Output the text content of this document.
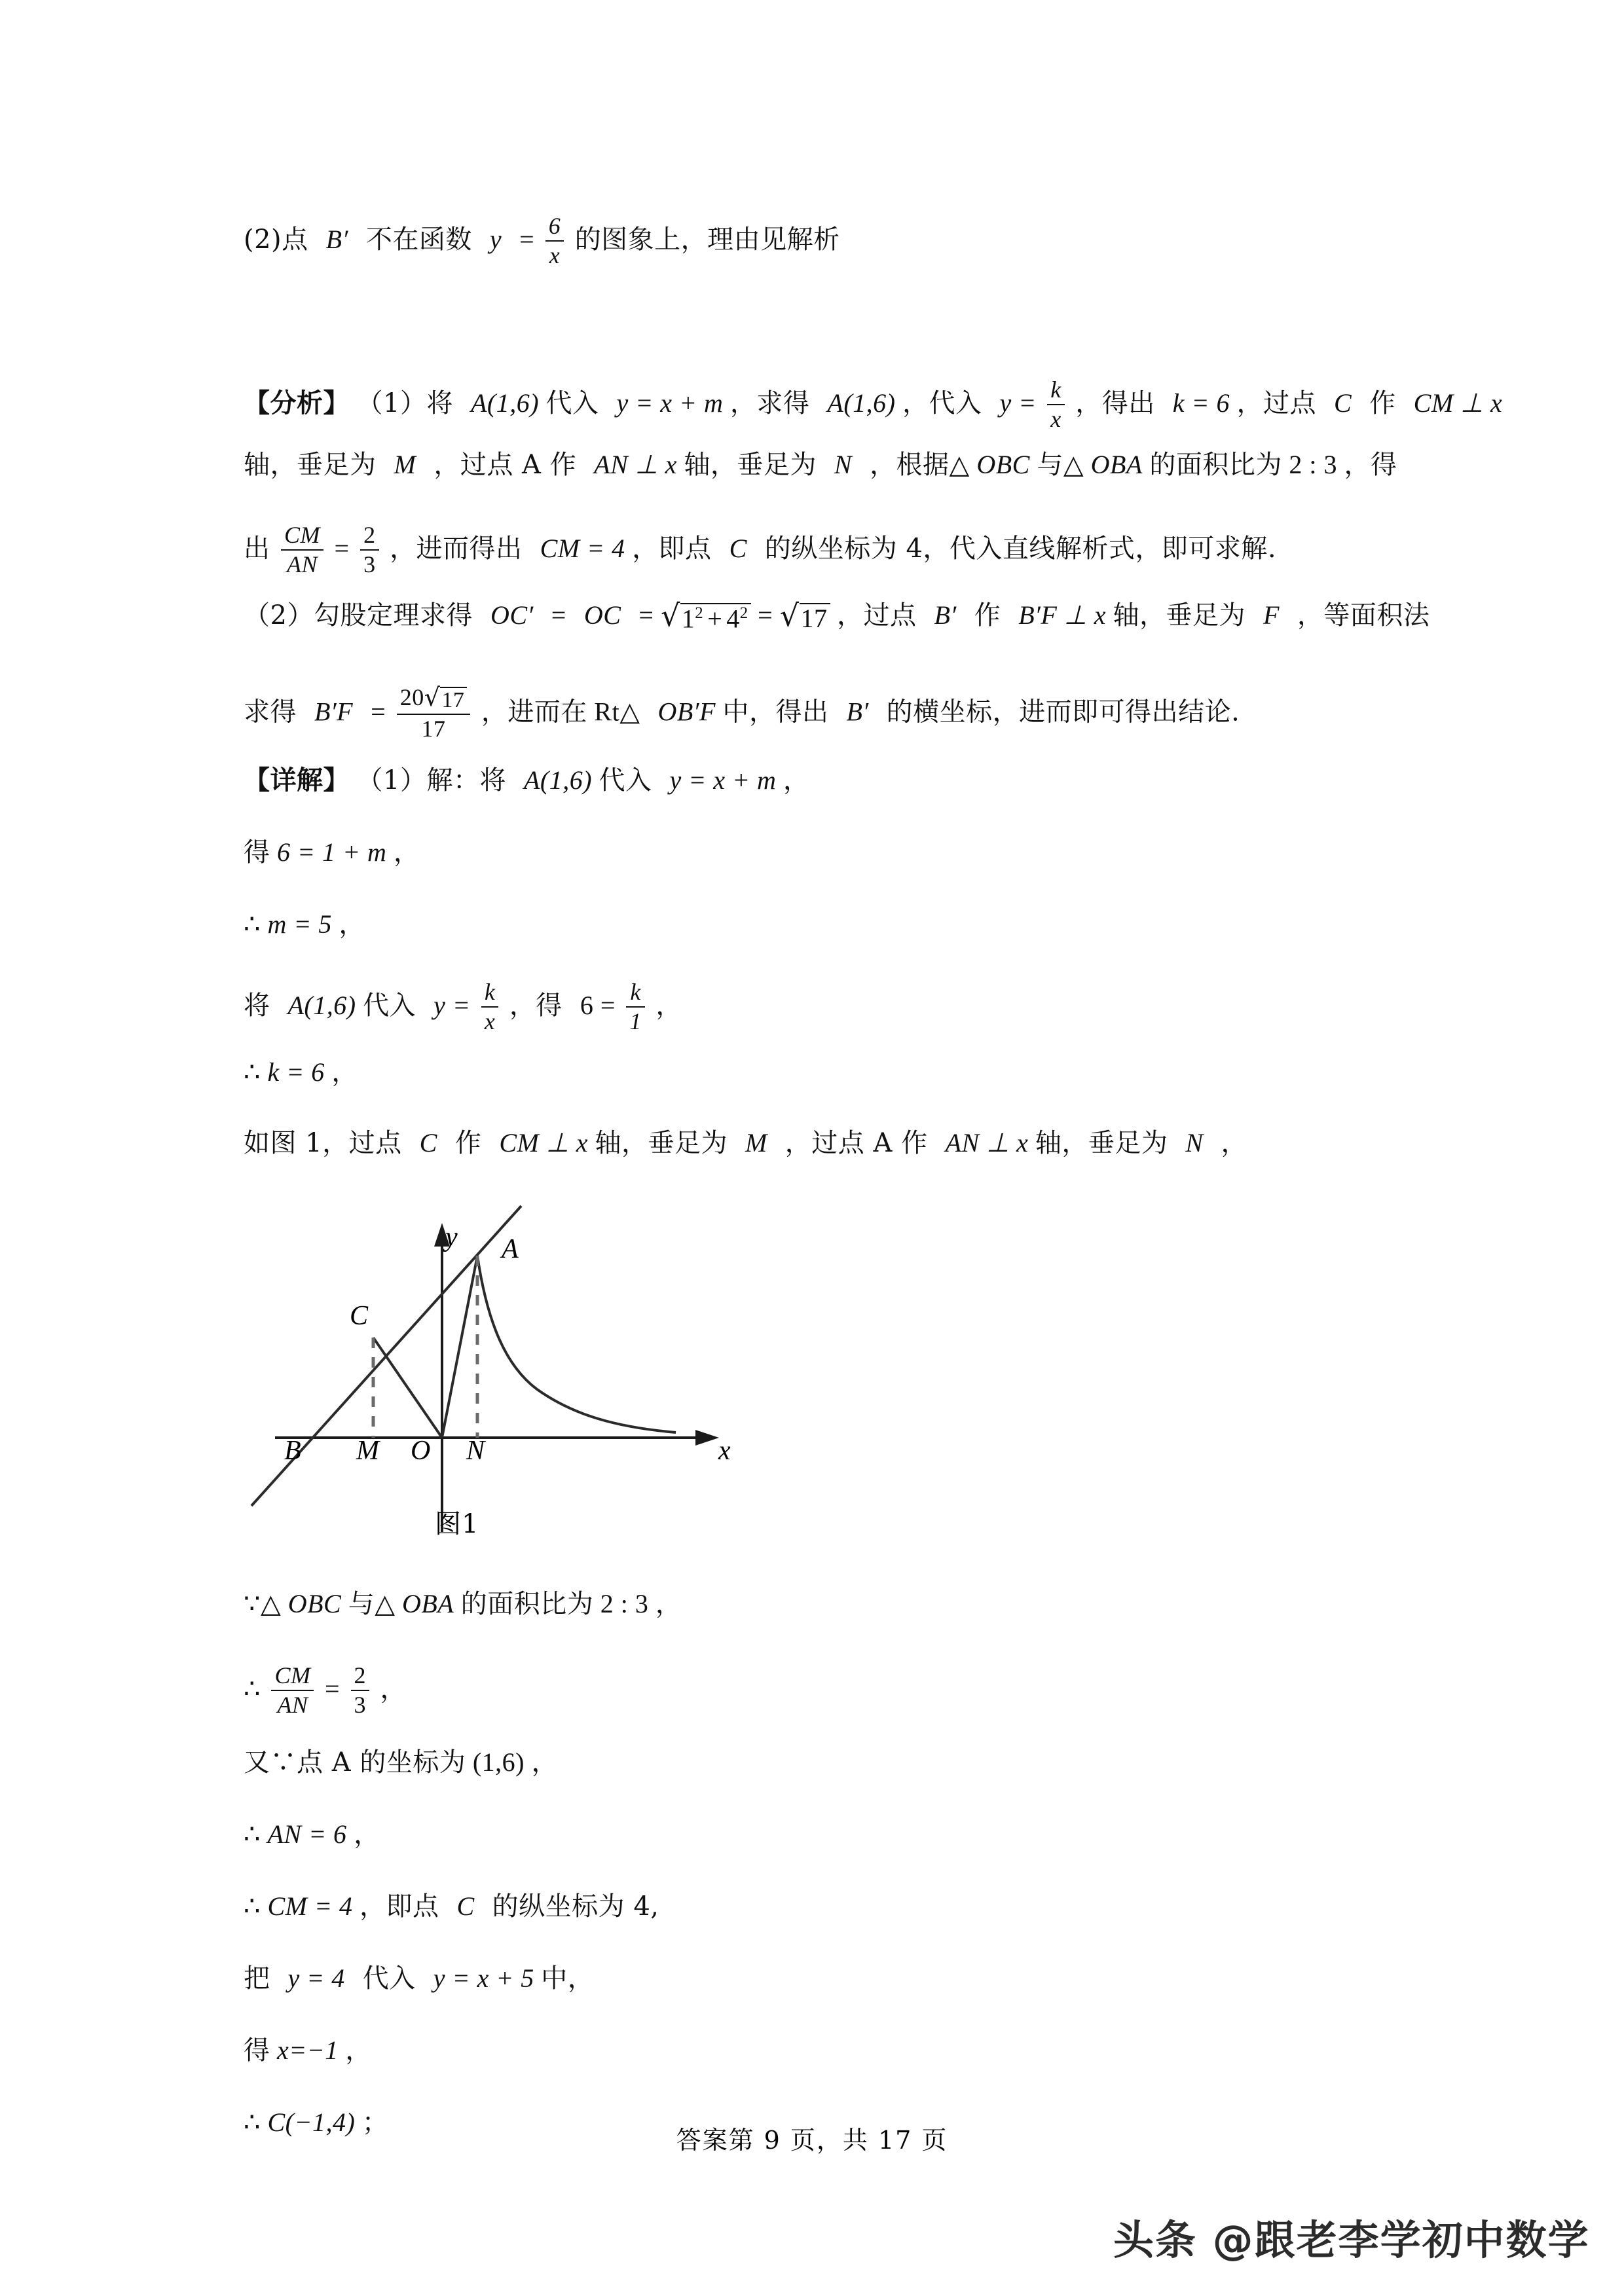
(2)点 B′ 不在函数 $y = \frac{6}{x}$ 的图象上，理由见解析
【分析】 （1）将 A(1,6) 代入 y = x + m ，求得 A(1,6) ，代入 $y = \frac{k}{x}$ ，得出 k = 6 ，过点 C 作 CM ⊥ x
轴，垂足为 M ，过点 A 作 AN ⊥ x 轴，垂足为 N ，根据△ OBC 与△ OBA 的面积比为 2 : 3 ，得
出 $\frac{CM}{AN} = \frac{2}{3}$ ，进而得出 CM = 4 ，即点 C 的纵坐标为 4，代入直线解析式，即可求解.
（2）勾股定理求得 OC′ = OC = √ $1^2 + 4^2$ = √ 17 ，过点 B′ 作 B′F ⊥ x 轴，垂足为 F ，等面积法
求得 $B'F = \frac{20 √ 17}{17}$ ，进而在 Rt△ OB′F 中，得出 B′ 的横坐标，进而即可得出结论.
【详解】 （1）解：将 A(1,6) 代入 y = x + m ，
得 6 = 1 + m ，
∴ m = 5 ，
将 A(1,6) 代入 $y = \frac{k}{x}$ ，得 $6 = \frac{k}{1}$ ，
∴ k = 6 ，
如图 1，过点 C 作 CM ⊥ x 轴，垂足为 M ，过点 A 作 AN ⊥ x 轴，垂足为 N ，
y
x
O
A
B
C
M	N
图1
∵△ OBC 与△ OBA 的面积比为 2 : 3 ，
∴ $\frac{CM}{AN} = \frac{2}{3}$ ，
又∵点 A 的坐标为 (1,6) ，
∴ AN = 6 ，
∴ CM = 4 ，即点 C 的纵坐标为 4,
把 y = 4 代入 y = x + 5 中，
得 x=−1 ，
∴ C(−1,4) ；
答案第 9 页，共 17 页
头条 @跟老李学初中数学
